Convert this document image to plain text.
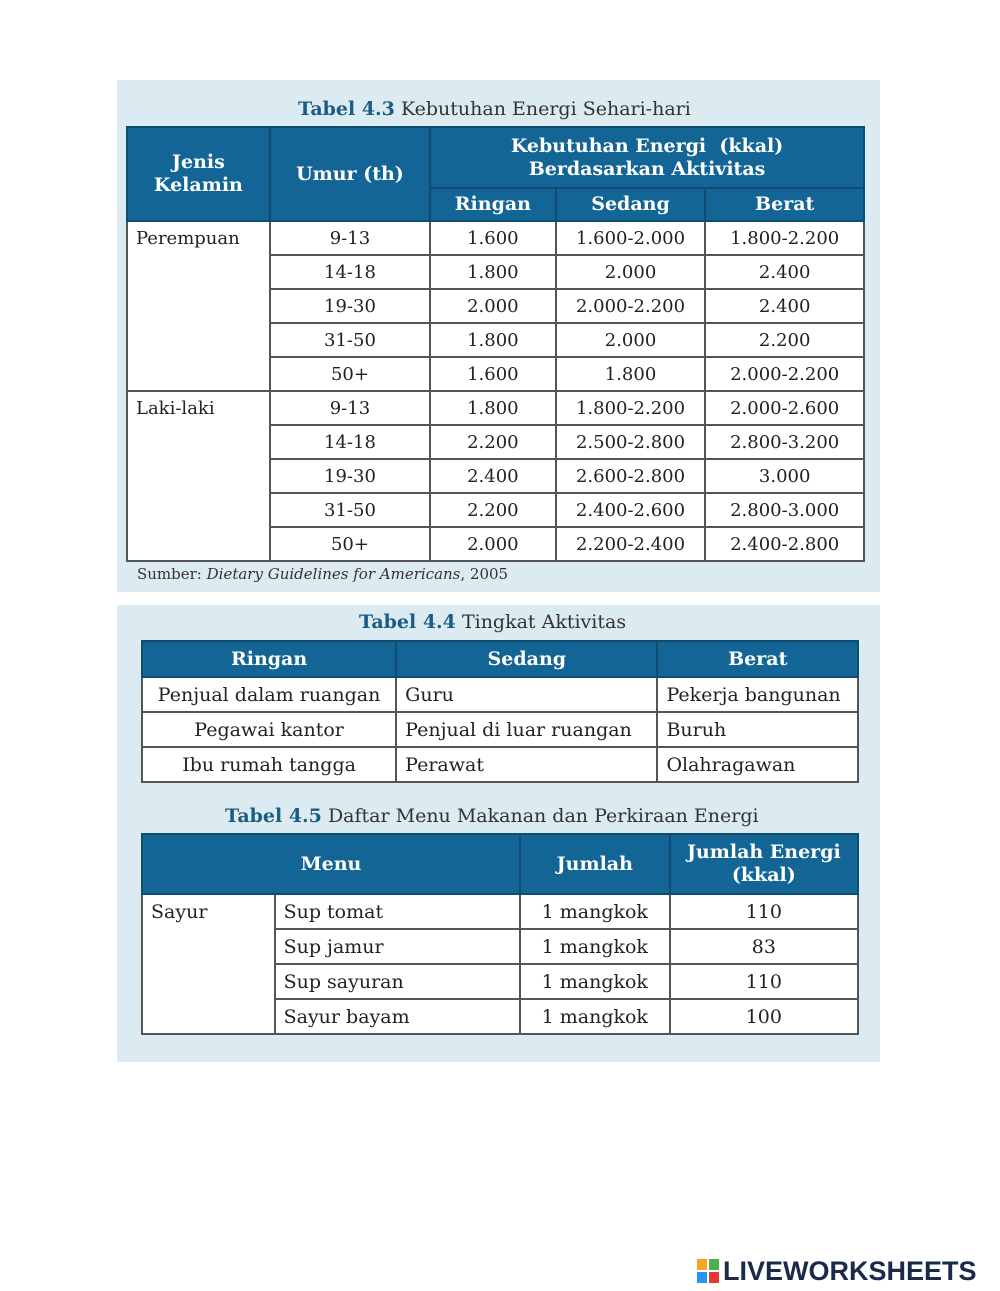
Tabel 4.3 Kebutuhan Energi Sehari-hari
Jenis Kelamin	Umur (th)	Kebutuhan Energi  (kkal)
Berdasarkan Aktivitas		

		Ringan	Sedang	Berat
Perempuan	9-13	1.600	1.600-2.000	1.800-2.200
	14-18	1.800	2.000	2.400
	19-30	2.000	2.000-2.200	2.400
	31-50	1.800	2.000	2.200
	50+	1.600	1.800	2.000-2.200
Laki-laki	9-13	1.800	1.800-2.200	2.000-2.600
	14-18	2.200	2.500-2.800	2.800-3.200
	19-30	2.400	2.600-2.800	3.000
	31-50	2.200	2.400-2.600	2.800-3.000
	50+	2.000	2.200-2.400	2.400-2.800
Sumber: Dietary Guidelines for Americans, 2005
Tabel 4.4 Tingkat Aktivitas
Ringan	Sedang	Berat
Penjual dalam ruangan	Guru	Pekerja bangunan
Pegawai kantor	Penjual di luar ruangan	Buruh
Ibu rumah tangga	Perawat	Olahragawan
Tabel 4.5 Daftar Menu Makanan dan Perkiraan Energi
Menu		Jumlah	Jumlah Energi
(kkal)

Sayur	Sup tomat	1 mangkok	110
	Sup jamur	1 mangkok	83
	Sup sayuran	1 mangkok	110
	Sayur bayam	1 mangkok	100
LIVEWORKSHEETS
